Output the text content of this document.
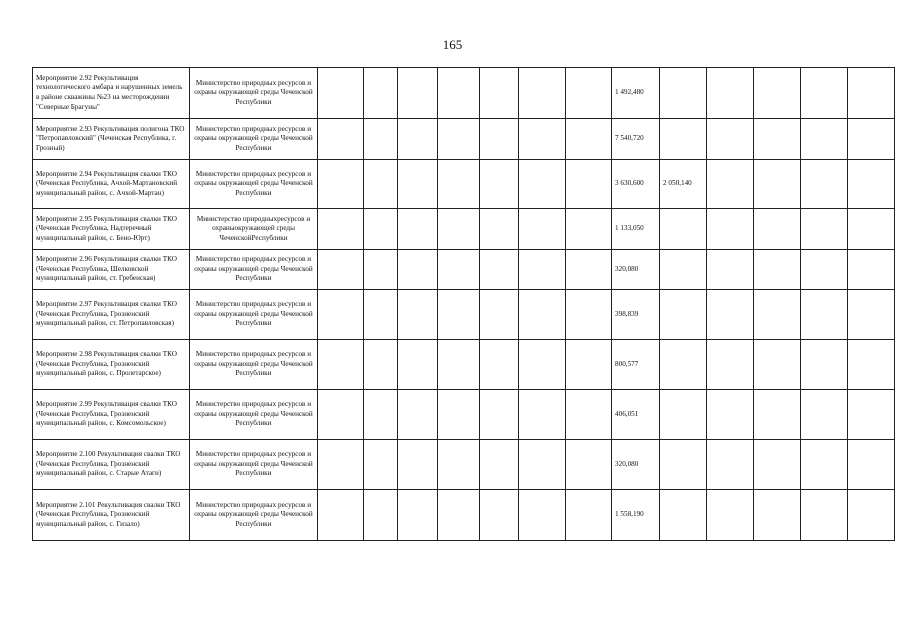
165
Мероприятие 2.92 Рекультивация технологического амбара и нарушенных земель в районе скважины №23 на месторождении "Северные Брагуны"	Министерство природных ресурсов и охраны окружающей среды Чеченской Республики								1 492,480					
Мероприятие 2.93 Рекультивация полигона ТКО "Петропавловский" (Чеченская Республика, г. Грозный)	Министерство природных ресурсов и охраны окружающей среды Чеченской Республики								7 540,720					
Мероприятие 2.94 Рекультивация свалки ТКО (Чеченская Республика, Ачхой-Мартановский муниципальный район, с. Ачхой-Мартан)	Министерство природных ресурсов и охраны окружающей среды Чеченской Республики								3 630,600	2 050,140				
Мероприятие 2.95 Рекультивация свалки ТКО (Чеченская Республика, Надтеречный муниципальный район, с. Бено-Юрт)	Министерство природныхресурсов и охраныокружающей среды ЧеченскойРеспублики								1 133,050					
Мероприятие 2.96 Рекультивация свалки ТКО (Чеченская Республика, Шелковской муниципальный район, ст. Гребенская)	Министерство природных ресурсов и охраны окружающей среды Чеченской Республики								320,080					
Мероприятие 2.97 Рекультивация свалки ТКО (Чеченская Республика, Грозненский муниципальный район, ст. Петропавловская)	Министерство природных ресурсов и охраны окружающей среды Чеченской Республики								398,839					
Мероприятие 2.98 Рекультивация свалки ТКО (Чеченская Республика, Грозненский муниципальный район, с. Пролетарское)	Министерство природных ресурсов и охраны окружающей среды Чеченской Республики								800,577					
Мероприятие 2.99 Рекультивация свалки ТКО (Чеченская Республика, Грозненский муниципальный район, с. Комсомольское)	Министерство природных ресурсов и охраны окружающей среды Чеченской Республики								406,051					
Мероприятие 2.100 Рекультивация свалки ТКО (Чеченская Республика, Грозненский муниципальный район, с. Старые Атаги)	Министерство природных ресурсов и охраны окружающей среды Чеченской Республики								320,080					
Мероприятие 2.101 Рекультивация свалки ТКО (Чеченская Республика, Грозненский муниципальный район, с. Гизало)	Министерство природных ресурсов и охраны окружающей среды Чеченской Республики								1 558,190					
